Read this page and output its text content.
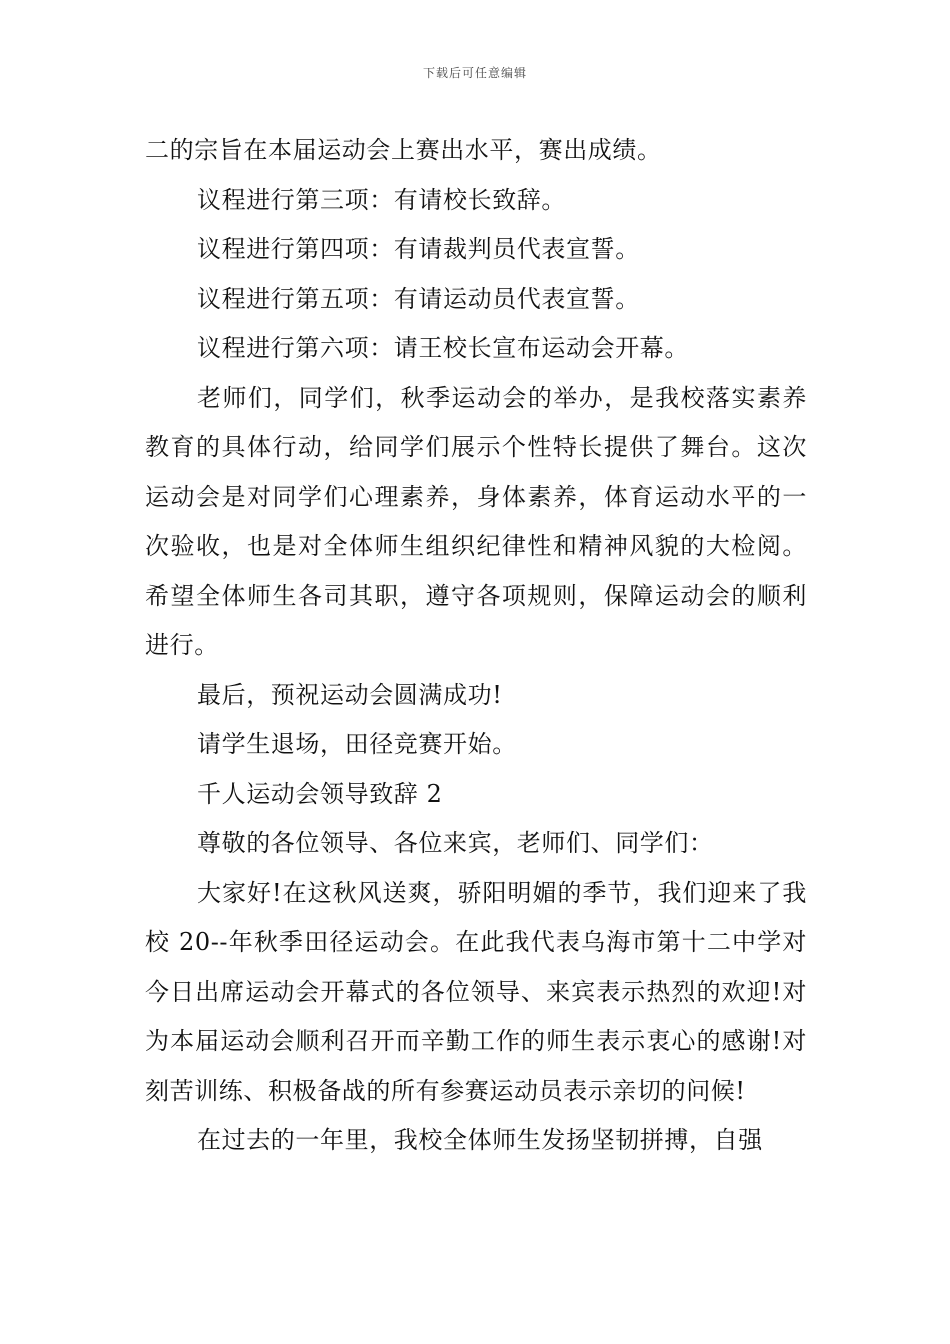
下载后可任意编辑

二的宗旨在本届运动会上赛出水平，赛出成绩。

议程进行第三项：有请校长致辞。

议程进行第四项：有请裁判员代表宣誓。

议程进行第五项：有请运动员代表宣誓。

议程进行第六项：请王校长宣布运动会开幕。

老师们，同学们，秋季运动会的举办，是我校落实素养教育的具体行动，给同学们展示个性特长提供了舞台。这次运动会是对同学们心理素养，身体素养，体育运动水平的一次验收，也是对全体师生组织纪律性和精神风貌的大检阅。希望全体师生各司其职，遵守各项规则，保障运动会的顺利进行。

最后，预祝运动会圆满成功!

请学生退场，田径竞赛开始。

千人运动会领导致辞 2

尊敬的各位领导、各位来宾，老师们、同学们：

大家好!在这秋风送爽，骄阳明媚的季节，我们迎来了我校 20--年秋季田径运动会。在此我代表乌海市第十二中学对今日出席运动会开幕式的各位领导、来宾表示热烈的欢迎!对为本届运动会顺利召开而辛勤工作的师生表示衷心的感谢!对刻苦训练、积极备战的所有参赛运动员表示亲切的问候!

在过去的一年里，我校全体师生发扬坚韧拼搏，自强
